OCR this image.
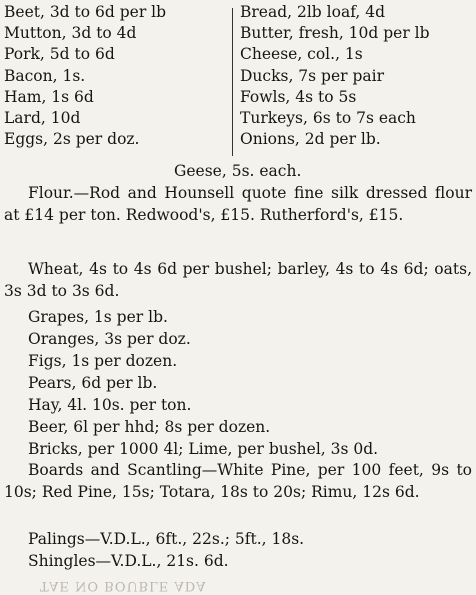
Beet, 3d to 6d per lb
Mutton, 3d to 4d
Pork, 5d to 6d
Bacon, 1s.
Ham, 1s 6d
Lard, 10d
Eggs, 2s per doz.
Bread, 2lb loaf, 4d
Butter, fresh, 10d per lb
Cheese, col., 1s
Ducks, 7s per pair
Fowls, 4s to 5s
Turkeys, 6s to 7s each
Onions, 2d per lb.
Geese, 5s. each.

Flour.—Rod and Hounsell quote fine silk dressed flour at £14 per ton. Redwood's, £15. Rutherford's, £15.

Wheat, 4s to 4s 6d per bushel; barley, 4s to 4s 6d; oats, 3s 3d to 3s 6d.

Grapes, 1s per lb.
Oranges, 3s per doz.
Figs, 1s per dozen.
Pears, 6d per lb.
Hay, 4l. 10s. per ton.
Beer, 6l per hhd; 8s per dozen.
Bricks, per 1000 4l; Lime, per bushel, 3s 0d.

Boards and Scantling—White Pine, per 100 feet, 9s to 10s; Red Pine, 15s; Totara, 18s to 20s; Rimu, 12s 6d.

Palings—V.D.L., 6ft., 22s.; 5ft., 18s.
Shingles—V.D.L., 21s. 6d.
TAE NO BOUBLE ADA
